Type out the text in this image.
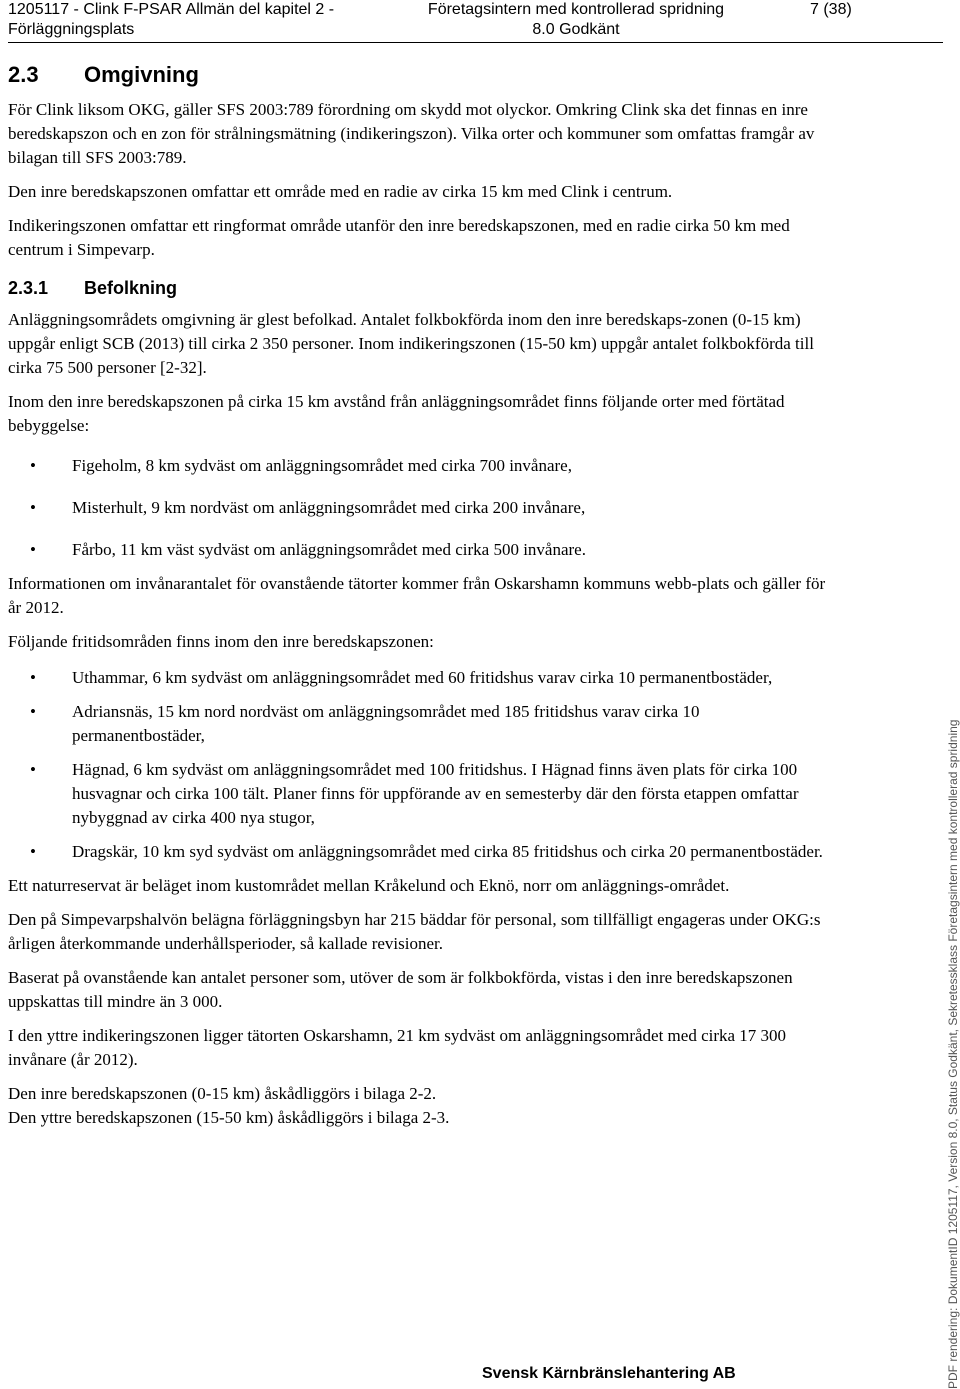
1205117 - Clink F-PSAR Allmän del kapitel 2 -
Förläggningsplats
Företagsintern med kontrollerad spridning
8.0 Godkänt
7 (38)
2.3 Omgivning

För Clink liksom OKG, gäller SFS 2003:789 förordning om skydd mot olyckor. Omkring Clink ska det finnas en inre beredskapszon och en zon för strålningsmätning (indikeringszon). Vilka orter och kommuner som omfattas framgår av bilagan till SFS 2003:789.

Den inre beredskapszonen omfattar ett område med en radie av cirka 15 km med Clink i centrum.

Indikeringszonen omfattar ett ringformat område utanför den inre beredskapszonen, med en radie cirka 50 km med centrum i Simpevarp.

2.3.1 Befolkning

Anläggningsområdets omgivning är glest befolkad. Antalet folkbokförda inom den inre beredskaps-zonen (0-15 km) uppgår enligt SCB (2013) till cirka 2 350 personer. Inom indikeringszonen (15-50 km) uppgår antalet folkbokförda till cirka 75 500 personer [2-32].

Inom den inre beredskapszonen på cirka 15 km avstånd från anläggningsområdet finns följande orter med förtätad bebyggelse:

• Figeholm, 8 km sydväst om anläggningsområdet med cirka 700 invånare,
• Misterhult, 9 km nordväst om anläggningsområdet med cirka 200 invånare,
• Fårbo, 11 km väst sydväst om anläggningsområdet med cirka 500 invånare.

Informationen om invånarantalet för ovanstående tätorter kommer från Oskarshamn kommuns webb-plats och gäller för år 2012.

Följande fritidsområden finns inom den inre beredskapszonen:

• Uthammar, 6 km sydväst om anläggningsområdet med 60 fritidshus varav cirka 10 permanentbostäder,
• Adriansnäs, 15 km nord nordväst om anläggningsområdet med 185 fritidshus varav cirka 10 permanentbostäder,
• Hägnad, 6 km sydväst om anläggningsområdet med 100 fritidshus. I Hägnad finns även plats för cirka 100 husvagnar och cirka 100 tält. Planer finns för uppförande av en semesterby där den första etappen omfattar nybyggnad av cirka 400 nya stugor,
• Dragskär, 10 km syd sydväst om anläggningsområdet med cirka 85 fritidshus och cirka 20 permanentbostäder.

Ett naturreservat är beläget inom kustområdet mellan Kråkelund och Eknö, norr om anläggnings-området.

Den på Simpevarpshalvön belägna förläggningsbyn har 215 bäddar för personal, som tillfälligt engageras under OKG:s årligen återkommande underhållsperioder, så kallade revisioner.

Baserat på ovanstående kan antalet personer som, utöver de som är folkbokförda, vistas i den inre beredskapszonen uppskattas till mindre än 3 000.

I den yttre indikeringszonen ligger tätorten Oskarshamn, 21 km sydväst om anläggningsområdet med cirka 17 300 invånare (år 2012).

Den inre beredskapszonen (0-15 km) åskådliggörs i bilaga 2-2.
Den yttre beredskapszonen (15-50 km) åskådliggörs i bilaga 2-3.

Svensk Kärnbränslehantering AB	PDF rendering: DokumentID 1205117, Version 8.0, Status Godkänt, Sekretessklass Företagsintern med kontrollerad spridning
